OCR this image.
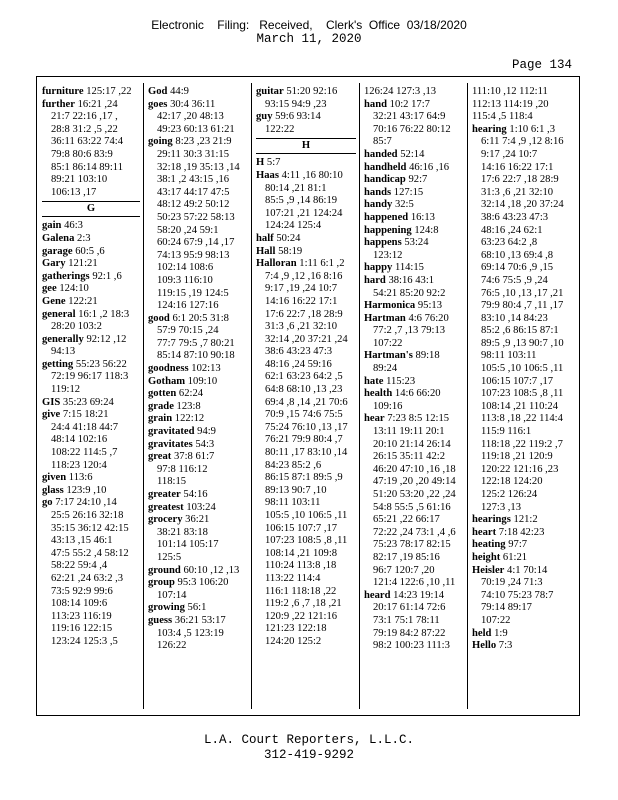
Electronic    Filing:   Received,    Clerk's  Office  03/18/2020
March 11, 2020
Page 134
furniture 125:17 ,22
further 16:21 ,24
21:7 22:16 ,17 ,
28:8 31:2 ,5 ,22
36:11 63:22 74:4
79:8 80:6 83:9
85:1 86:14 89:11
89:21 103:10
106:13 ,17
G
gain 46:3
Galena 2:3
garage 60:5 ,6
Gary 121:21
gatherings 92:1 ,6
gee 124:10
Gene 122:21
general 16:1 ,2 18:3
28:20 103:2
generally 92:12 ,12
94:13
getting 55:23 56:22
72:19 96:17 118:3
119:12
GIS 35:23 69:24
give 7:15 18:21
24:4 41:18 44:7
48:14 102:16
108:22 114:5 ,7
118:23 120:4
given 113:6
glass 123:9 ,10
go 7:17 24:10 ,14
25:5 26:16 32:18
35:15 36:12 42:15
43:13 ,15 46:1
47:5 55:2 ,4 58:12
58:22 59:4 ,4
62:21 ,24 63:2 ,3
73:5 92:9 99:6
108:14 109:6
113:23 116:19
119:16 122:15
123:24 125:3 ,5
God 44:9
goes 30:4 36:11
42:17 ,20 48:13
49:23 60:13 61:21
going 8:23 ,23 21:9
29:11 30:3 31:15
32:18 ,19 35:13 ,14
38:1 ,2 43:15 ,16
43:17 44:17 47:5
48:12 49:2 50:12
50:23 57:22 58:13
58:20 ,24 59:1
60:24 67:9 ,14 ,17
74:13 95:9 98:13
102:14 108:6
109:3 116:10
119:15 ,19 124:5
124:16 127:16
good 6:1 20:5 31:8
57:9 70:15 ,24
77:7 79:5 ,7 80:21
85:14 87:10 90:18
goodness 102:13
Gotham 109:10
gotten 62:24
grade 123:8
grain 122:12
gravitated 94:9
gravitates 54:3
great 37:8 61:7
97:8 116:12
118:15
greater 54:16
greatest 103:24
grocery 36:21
38:21 83:18
101:14 105:17
125:5
ground 60:10 ,12 ,13
group 95:3 106:20
107:14
growing 56:1
guess 36:21 53:17
103:4 ,5 123:19
126:22
guitar 51:20 92:16
93:15 94:9 ,23
guy 59:6 93:14
122:22
H
H 5:7
Haas 4:11 ,16 80:10
80:14 ,21 81:1
85:5 ,9 ,14 86:19
107:21 ,21 124:24
124:24 125:4
half 50:24
Hall 58:19
Halloran 1:11 6:1 ,2
7:4 ,9 ,12 ,16 8:16
9:17 ,19 ,24 10:7
14:16 16:22 17:1
17:6 22:7 ,18 28:9
31:3 ,6 ,21 32:10
32:14 ,20 37:21 ,24
38:6 43:23 47:3
48:16 ,24 59:16
62:1 63:23 64:2 ,5
64:8 68:10 ,13 ,23
69:4 ,8 ,14 ,21 70:6
70:9 ,15 74:6 75:5
75:24 76:10 ,13 ,17
76:21 79:9 80:4 ,7
80:11 ,17 83:10 ,14
84:23 85:2 ,6
86:15 87:1 89:5 ,9
89:13 90:7 ,10
98:11 103:11
105:5 ,10 106:5 ,11
106:15 107:7 ,17
107:23 108:5 ,8 ,11
108:14 ,21 109:8
110:24 113:8 ,18
113:22 114:4
116:1 118:18 ,22
119:2 ,6 ,7 ,18 ,21
120:9 ,22 121:16
121:23 122:18
124:20 125:2
126:24 127:3 ,13
hand 10:2 17:7
32:21 43:17 64:9
70:16 76:22 80:12
85:7
handed 52:14
handheld 46:16 ,16
handicap 92:7
hands 127:15
handy 32:5
happened 16:13
happening 124:8
happens 53:24
123:12
happy 114:15
hard 38:16 43:1
54:21 85:20 92:2
Harmonica 95:13
Hartman 4:6 76:20
77:2 ,7 ,13 79:13
107:22
Hartman's 89:18
89:24
hate 115:23
health 14:6 66:20
109:16
hear 7:23 8:5 12:15
13:11 19:11 20:1
20:10 21:14 26:14
26:15 35:11 42:2
46:20 47:10 ,16 ,18
47:19 ,20 ,20 49:14
51:20 53:20 ,22 ,24
54:8 55:5 ,5 61:16
65:21 ,22 66:17
72:22 ,24 73:1 ,4 ,6
75:23 78:17 82:15
82:17 ,19 85:16
96:7 120:7 ,20
121:4 122:6 ,10 ,11
heard 14:23 19:14
20:17 61:14 72:6
73:1 75:1 78:11
79:19 84:2 87:22
98:2 100:23 111:3
111:10 ,12 112:11
112:13 114:19 ,20
115:4 ,5 118:4
hearing 1:10 6:1 ,3
6:11 7:4 ,9 ,12 8:16
9:17 ,24 10:7
14:16 16:22 17:1
17:6 22:7 ,18 28:9
31:3 ,6 ,21 32:10
32:14 ,18 ,20 37:24
38:6 43:23 47:3
48:16 ,24 62:1
63:23 64:2 ,8
68:10 ,13 69:4 ,8
69:14 70:6 ,9 ,15
74:6 75:5 ,9 ,24
76:5 ,10 ,13 ,17 ,21
79:9 80:4 ,7 ,11 ,17
83:10 ,14 84:23
85:2 ,6 86:15 87:1
89:5 ,9 ,13 90:7 ,10
98:11 103:11
105:5 ,10 106:5 ,11
106:15 107:7 ,17
107:23 108:5 ,8 ,11
108:14 ,21 110:24
113:8 ,18 ,22 114:4
115:9 116:1
118:18 ,22 119:2 ,7
119:18 ,21 120:9
120:22 121:16 ,23
122:18 124:20
125:2 126:24
127:3 ,13
hearings 121:2
heart 7:18 42:23
heating 97:7
height 61:21
Heisler 4:1 70:14
70:19 ,24 71:3
74:10 75:23 78:7
79:14 89:17
107:22
held 1:9
Hello 7:3
L.A. Court Reporters, L.L.C.
312-419-9292
